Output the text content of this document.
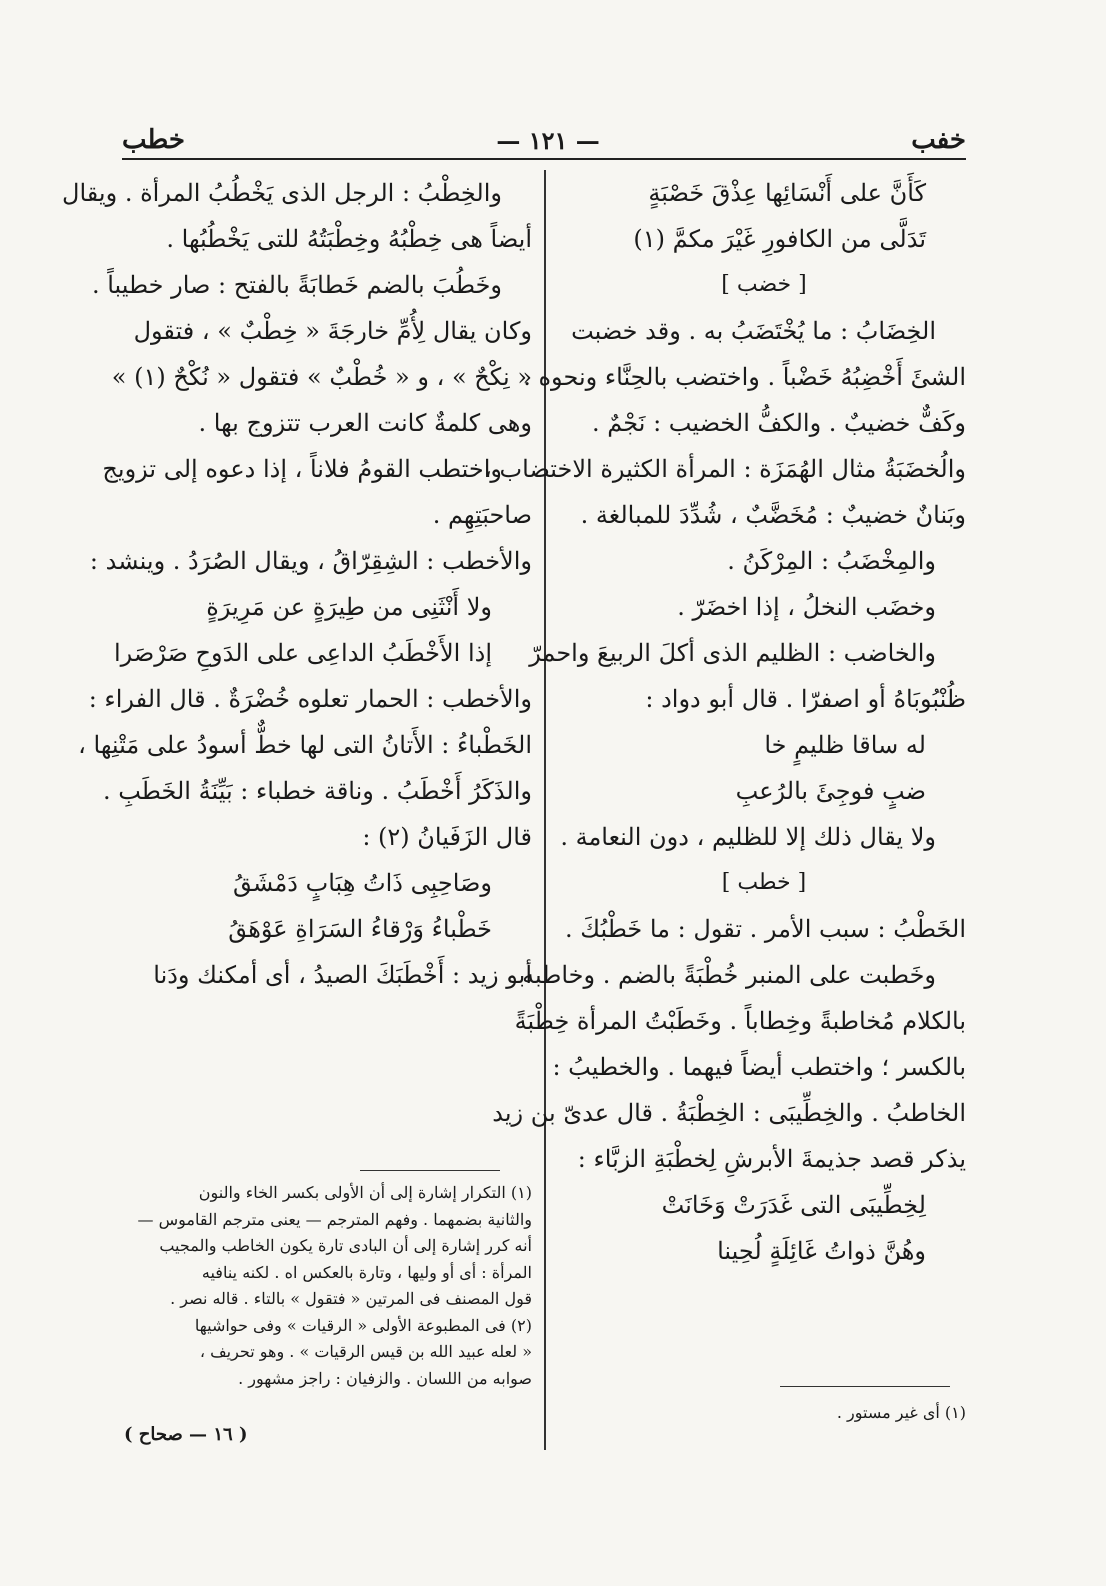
خفب
— ١٢١ —
خطب
كَأَنَّ على أَنْسَائِها عِذْقَ خَصْبَةٍ
تَدَلَّى من الكافورِ غَيْرَ مكمَّ (١)
[ خضب ]
الخِضَابُ : ما يُخْتَضَبُ به . وقد خضبت
الشئَ أَخْضِبُهُ خَضْباً . واختضب بالحِنَّاء ونحوه .
وكَفٌّ خضيبٌ . والكفُّ الخضيب : نَجْمٌ .
والُخضَبَةُ مثال الهُمَزَة : المرأة الكثيرة الاختضاب ،
وبَنانٌ خضيبٌ : مُخَضَّبٌ ، شُدِّدَ للمبالغة .
والمِخْضَبُ : المِرْكَنُ .
وخضَب النخلُ ، إذا اخضَرّ .
والخاضب : الظليم الذى أكلَ الربيعَ واحمرّ
ظُنْبُوبَاهُ أو اصفرّا . قال أبو دواد :
له ساقا ظليمٍ خا
ضبٍ فوجِئَ بالرُعبِ
ولا يقال ذلك إلا للظليم ، دون النعامة .
[ خطب ]
الخَطْبُ : سبب الأمر . تقول : ما خَطْبُكَ .
وخَطبت على المنبر خُطْبَةً بالضم . وخاطبه
بالكلام مُخاطبةً وخِطاباً . وخَطَبْتُ المرأة خِطْبَةً
بالكسر ؛ واختطب أيضاً فيهما . والخطيبُ :
الخاطبُ . والخِطِّيبَى : الخِطْبَةُ . قال عدىّ بن زيد
يذكر قصد جذيمةَ الأبرشِ لِخطْبَةِ الزبَّاء :
لِخِطِّيبَى التى غَدَرَتْ وَخَانَتْ
وهُنَّ ذواتُ غَائِلَةٍ لُحِينا
والخِطْبُ : الرجل الذى يَخْطُبُ المرأة . ويقال
أيضاً هى خِطْبُهُ وخِطْبَتُهُ للتى يَخْطُبُها .
وخَطُبَ بالضم خَطابَةً بالفتح : صار خطيباً .
وكان يقال لِأُمِّ خارجَةَ « خِطْبٌ » ، فتقول
« نِكْحٌ » ، و « خُطْبٌ » فتقول « نُكْحٌ (١) »
وهى كلمةٌ كانت العرب تتزوج بها .
واختطب القومُ فلاناً ، إذا دعوه إلى تزويج
صاحبَتِهِم .
والأخطب : الشِقِرّاقُ ، ويقال الصُرَدُ . وينشد :
ولا أَنْثَنِى من طِيرَةٍ عن مَرِيرَةٍ
إذا الأَخْطَبُ الداعِى على الدَوحِ صَرْصَرا
والأخطب : الحمار تعلوه خُضْرَةٌ . قال الفراء :
الخَطْباءُ : الأَتانُ التى لها خطٌّ أسودُ على مَتْنِها ،
والذَكَرُ أَخْطَبُ . وناقة خطباء : بَيِّنَةُ الخَطَبِ .
قال الزَفَيانُ (٢) :
وصَاحِبِى ذَاتُ هِبَابٍ دَمْشَقُ
خَطْباءُ وَرْقاءُ السَرَاةِ عَوْهَقُ
أبو زيد : أَخْطَبَكَ الصيدُ ، أى أمكنك ودَنا
(١) التكرار إشارة إلى أن الأولى بكسر الخاء والنون
والثانية بضمهما . وفهم المترجم — يعنى مترجم القاموس —
أنه كرر إشارة إلى أن البادى تارة يكون الخاطب والمجيب
المرأة : أى أو وليها ، وتارة بالعكس اه . لكنه ينافيه
قول المصنف فى المرتين « فتقول » بالتاء . قاله نصر .
(٢) فى المطبوعة الأولى « الرقيات » وفى حواشيها
« لعله عبيد الله بن قيس الرقيات » . وهو تحريف ،
صوابه من اللسان . والزفيان : راجز مشهور .
(١) أى غير مستور .
( ١٦ — صحاح )
